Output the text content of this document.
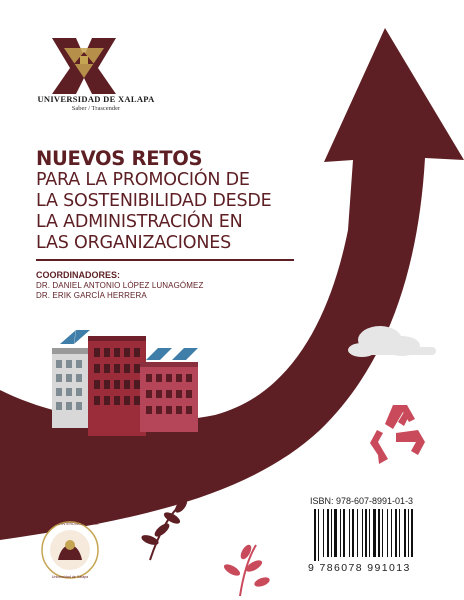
INSTITUTO INTERDISCIPLINARIO
Universidad de Xalapa
UNIVERSIDAD DE XALAPA
Saber / Trascender
NUEVOS RETOS
PARA LA PROMOCIÓN DE
LA SOSTENIBILIDAD DESDE
LA ADMINISTRACIÓN EN
LAS ORGANIZACIONES
COORDINADORES:
DR. DANIEL ANTONIO LÓPEZ LUNAGÓMEZ
DR. ERIK GARCÍA HERRERA
ISBN: 978-607-8991-01-3
9 786078 991013
